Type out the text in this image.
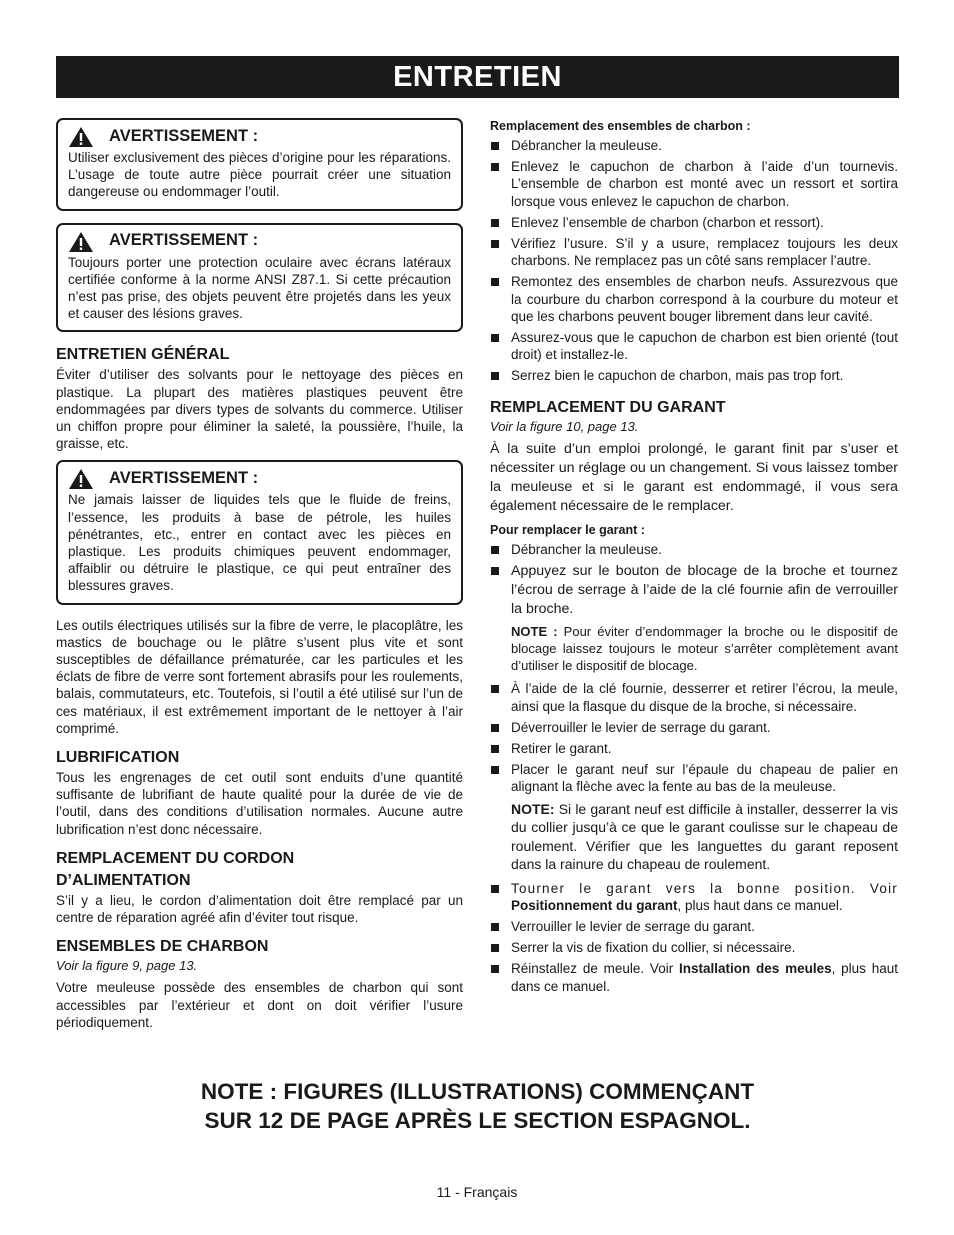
ENTRETIEN
AVERTISSEMENT :

Utiliser exclusivement des pièces d’origine pour les réparations. L’usage de toute autre pièce pourrait créer une situation dangereuse ou endommager l’outil.

AVERTISSEMENT :

Toujours porter une protection oculaire avec écrans latéraux certifiée conforme à la norme ANSI Z87.1. Si cette précaution n’est pas prise, des objets peuvent être projetés dans les yeux et causer des lésions graves.

ENTRETIEN GÉNÉRAL

Éviter d’utiliser des solvants pour le nettoyage des pièces en plastique. La plupart des matières plastiques peuvent être endommagées par divers types de solvants du commerce. Utiliser un chiffon propre pour éliminer la saleté, la poussière, l’huile, la graisse, etc.

AVERTISSEMENT :

Ne jamais laisser de liquides tels que le fluide de freins, l’essence, les produits à base de pétrole, les huiles pénétrantes, etc., entrer en contact avec les pièces en plastique. Les produits chimiques peuvent endommager, affaiblir ou détruire le plastique, ce qui peut entraîner des blessures graves.

Les outils électriques utilisés sur la fibre de verre, le placoplâtre, les mastics de bouchage ou le plâtre s’usent plus vite et sont susceptibles de défaillance prématurée, car les particules et les éclats de fibre de verre sont fortement abrasifs pour les roulements, balais, commutateurs, etc. Toutefois, si l’outil a été utilisé sur l’un de ces matériaux, il est extrêmement important de le nettoyer à l’air comprimé.

LUBRIFICATION

Tous les engrenages de cet outil sont enduits d’une quantité suffisante de lubrifiant de haute qualité pour la durée de vie de l’outil, dans des conditions d’utilisation normales. Aucune autre lubrification n’est donc nécessaire.

REMPLACEMENT DU CORDON
D’ALIMENTATION

S’il y a lieu, le cordon d’alimentation doit être remplacé par un centre de réparation agréé afin d’éviter tout risque.

ENSEMBLES DE CHARBON
Voir la figure 9, page 13.

Votre meuleuse possède des ensembles de charbon qui sont accessibles par l’extérieur et dont on doit vérifier l’usure périodiquement.

Remplacement des ensembles de charbon :
Débrancher la meuleuse.
Enlevez le capuchon de charbon à l’aide d’un tournevis. L’ensemble de charbon est monté avec un ressort et sortira lorsque vous enlevez le capuchon de charbon.
Enlevez l’ensemble de charbon (charbon et ressort).
Vérifiez l’usure. S’il y a usure, remplacez toujours les deux charbons. Ne remplacez pas un côté sans remplacer l’autre.
Remontez des ensembles de charbon neufs. Assurezvous que la courbure du charbon correspond à la courbure du moteur et que les charbons peuvent bouger librement dans leur cavité.
Assurez-vous que le capuchon de charbon est bien orienté (tout droit) et installez-le.
Serrez bien le capuchon de charbon, mais pas trop fort.
REMPLACEMENT DU GARANT
Voir la figure 10, page 13.

À la suite d’un emploi prolongé, le garant finit par s’user et nécessiter un réglage ou un changement. Si vous laissez tomber la meuleuse et si le garant est endommagé, il vous sera également nécessaire de le remplacer.

Pour remplacer le garant :
Débrancher la meuleuse.
Appuyez sur le bouton de blocage de la broche et tournez l’écrou de serrage à l’aide de la clé fournie afin de verrouiller la broche.
NOTE : Pour éviter d’endommager la broche ou le dispositif de blocage laissez toujours le moteur s’arrêter complètement avant d’utiliser le dispositif de blocage.
À l’aide de la clé fournie, desserrer et retirer l’écrou, la meule, ainsi que la flasque du disque de la broche, si nécessaire.
Déverrouiller le levier de serrage du garant.
Retirer le garant.
Placer le garant neuf sur l’épaule du chapeau de palier en alignant la flèche avec la fente au bas de la meuleuse.
NOTE: Si le garant neuf est difficile à installer, desserrer la vis du collier jusqu’à ce que le garant coulisse sur le chapeau de roulement. Vérifier que les languettes du garant reposent dans la rainure du chapeau de roulement.
Tourner le garant vers la bonne position. Voir Positionnement du garant, plus haut dans ce manuel.
Verrouiller le levier de serrage du garant.
Serrer la vis de fixation du collier, si nécessaire.
Réinstallez de meule. Voir Installation des meules, plus haut dans ce manuel.
NOTE : FIGURES (ILLUSTRATIONS) COMMENÇANT
SUR 12 DE PAGE APRÈS LE SECTION ESPAGNOL.
11 - Français
